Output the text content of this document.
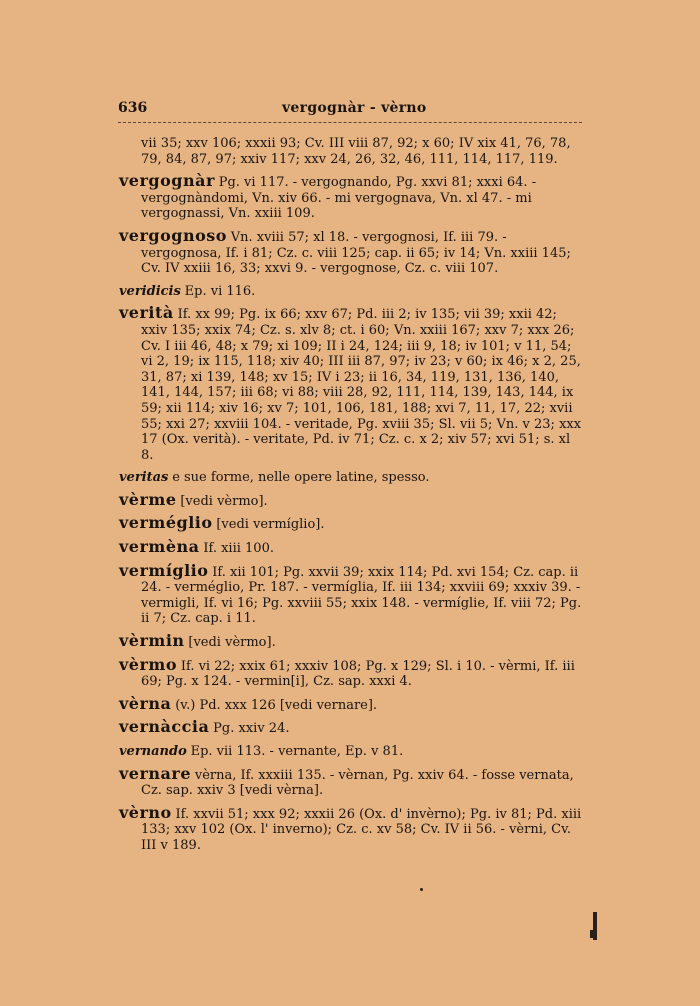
636	vergognàr - vèrno

vii 35; xxv 106; xxxii 93; Cv. III viii 87, 92; x 60; IV xix 41, 76, 78, 79, 84, 87, 97; xxiv 117; xxv 24, 26, 32, 46, 111, 114, 117, 119.

vergognàr Pg. vi 117. - vergognando, Pg. xxvi 81; xxxi 64. - vergognàndomi, Vn. xiv 66. - mi vergognava, Vn. xl 47. - mi vergognassi, Vn. xxiii 109.

vergognoso Vn. xviii 57; xl 18. - vergognosi, If. iii 79. - vergognosa, If. i 81; Cz. c. viii 125; cap. ii 65; iv 14; Vn. xxiii 145; Cv. IV xxiii 16, 33; xxvi 9. - vergognose, Cz. c. viii 107.

veridicis Ep. vi 116.

verità If. xx 99; Pg. ix 66; xxv 67; Pd. iii 2; iv 135; vii 39; xxii 42; xxiv 135; xxix 74; Cz. s. xlv 8; ct. i 60; Vn. xxiii 167; xxv 7; xxx 26; Cv. I iii 46, 48; x 79; xi 109; II i 24, 124; iii 9, 18; iv 101; v 11, 54; vi 2, 19; ix 115, 118; xiv 40; III iii 87, 97; iv 23; v 60; ix 46; x 2, 25, 31, 87; xi 139, 148; xv 15; IV i 23; ii 16, 34, 119, 131, 136, 140, 141, 144, 157; iii 68; vi 88; viii 28, 92, 111, 114, 139, 143, 144, ix 59; xii 114; xiv 16; xv 7; 101, 106, 181, 188; xvi 7, 11, 17, 22; xvii 55; xxi 27; xxviii 104. - veritade, Pg. xviii 35; Sl. vii 5; Vn. v 23; xxx 17 (Ox. verità). - veritate, Pd. iv 71; Cz. c. x 2; xiv 57; xvi 51; s. xl 8.

veritas e sue forme, nelle opere latine, spesso.

vèrme [vedi vèrmo].

verméglio [vedi vermíglio].

vermèna If. xiii 100.

vermíglio If. xii 101; Pg. xxvii 39; xxix 114; Pd. xvi 154; Cz. cap. ii 24. - verméglio, Pr. 187. - vermíglia, If. iii 134; xxviii 69; xxxiv 39. - vermigli, If. vi 16; Pg. xxviii 55; xxix 148. - vermíglie, If. viii 72; Pg. ii 7; Cz. cap. i 11.

vèrmin [vedi vèrmo].

vèrmo If. vi 22; xxix 61; xxxiv 108; Pg. x 129; Sl. i 10. - vèrmi, If. iii 69; Pg. x 124. - vermin[i], Cz. sap. xxxi 4.

vèrna (v.) Pd. xxx 126 [vedi vernare].

vernàccia Pg. xxiv 24.

vernando Ep. vii 113. - vernante, Ep. v 81.

vernare vèrna, If. xxxiii 135. - vèrnan, Pg. xxiv 64. - fosse vernata, Cz. sap. xxiv 3 [vedi vèrna].

vèrno If. xxvii 51; xxx 92; xxxii 26 (Ox. d' invèrno); Pg. iv 81; Pd. xiii 133; xxv 102 (Ox. l' inverno); Cz. c. xv 58; Cv. IV ii 56. - vèrni, Cv. III v 189.
